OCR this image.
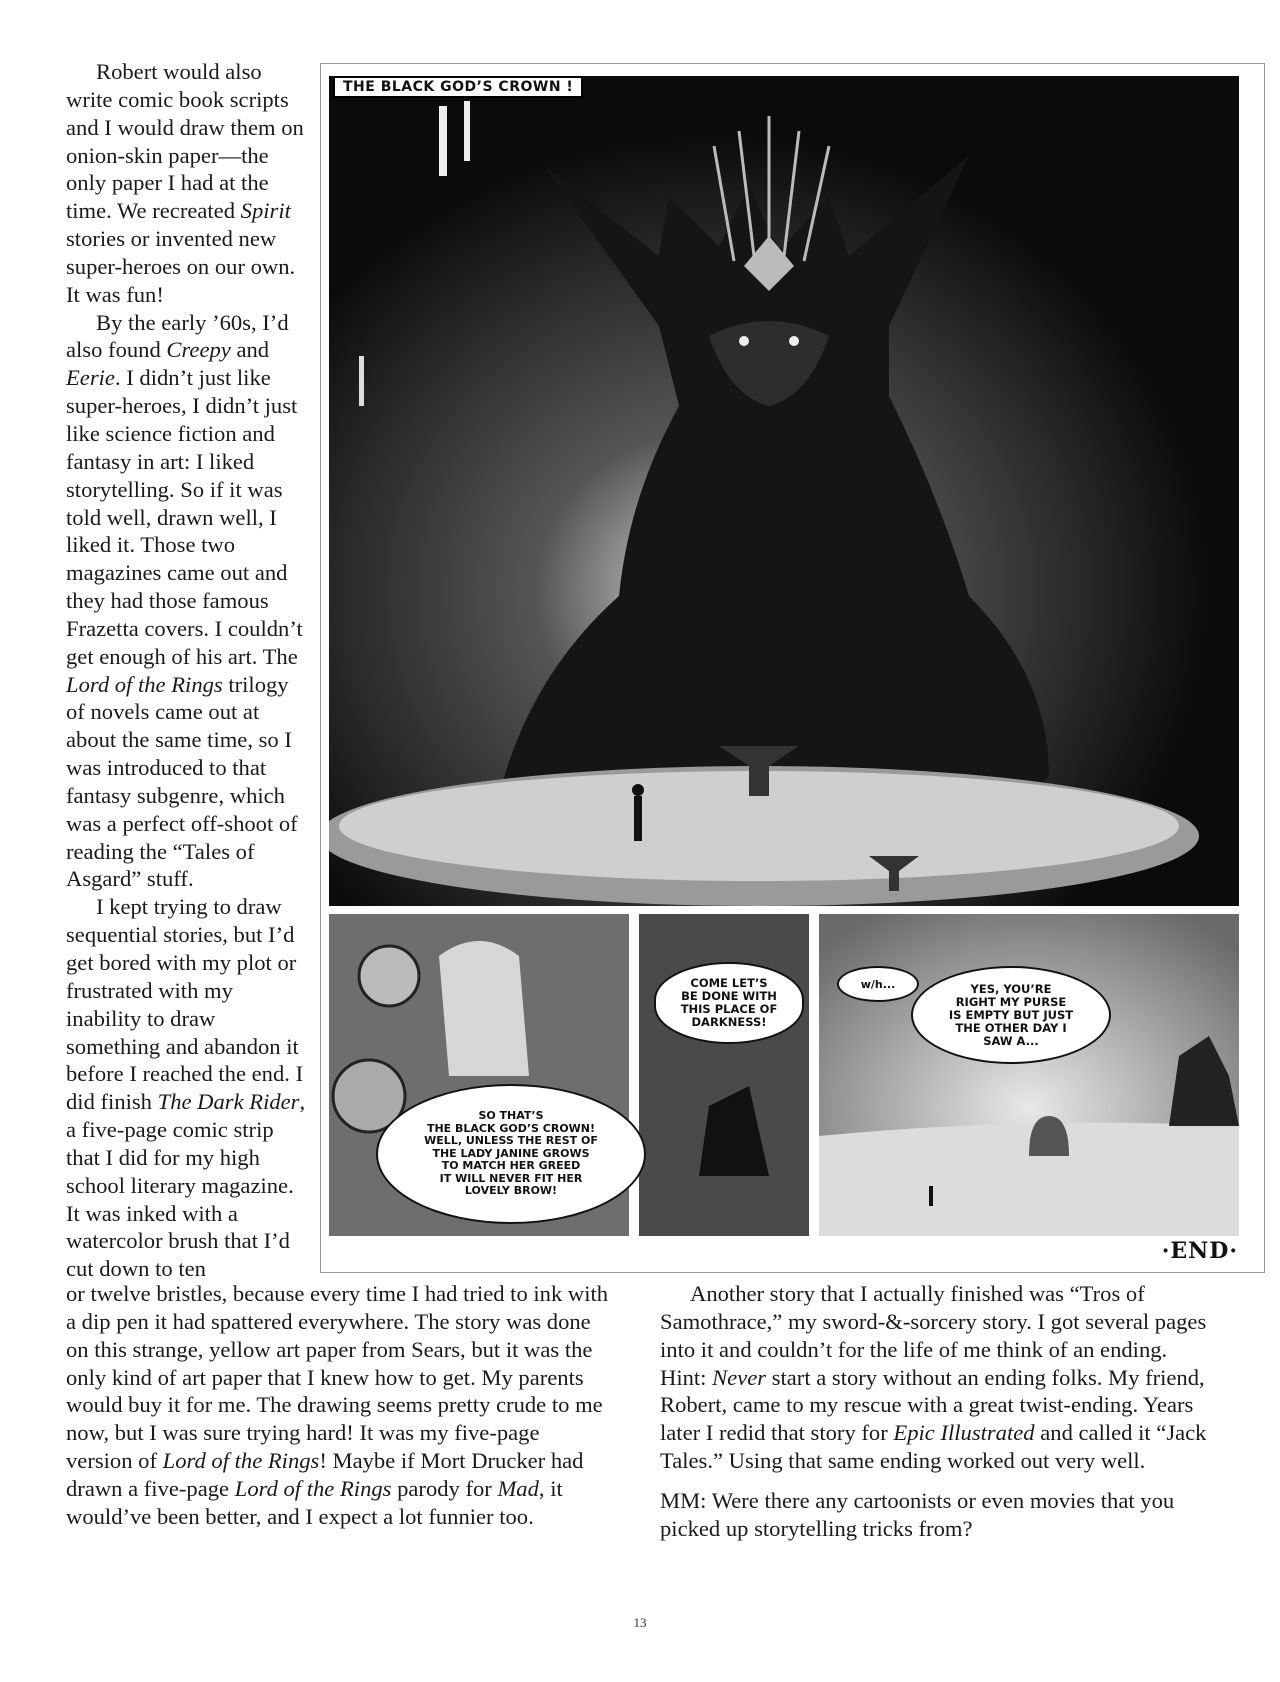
Robert would also write comic book scripts and I would draw them on onion-skin paper—the only paper I had at the time. We recreated Spirit stories or invented new super-heroes on our own. It was fun!

By the early ’60s, I’d also found Creepy and Eerie. I didn’t just like super-heroes, I didn’t just like science fiction and fantasy in art: I liked storytelling. So if it was told well, drawn well, I liked it. Those two magazines came out and they had those famous Frazetta covers. I couldn’t get enough of his art. The Lord of the Rings trilogy of novels came out at about the same time, so I was introduced to that fantasy subgenre, which was a perfect off-shoot of reading the “Tales of Asgard” stuff.

I kept trying to draw sequential stories, but I’d get bored with my plot or frustrated with my inability to draw something and abandon it before I reached the end. I did finish The Dark Rider, a five-page comic strip that I did for my high school literary magazine. It was inked with a watercolor brush that I’d cut down to ten

THE BLACK GOD’S CROWN !
SO THAT’S
THE BLACK GOD’S CROWN!
WELL, UNLESS THE REST OF
THE LADY JANINE GROWS
TO MATCH HER GREED
IT WILL NEVER FIT HER
LOVELY BROW!
COME LET’S
BE DONE WITH
THIS PLACE OF
DARKNESS!
w/h...	YES, YOU’RE
RIGHT MY PURSE
IS EMPTY BUT JUST
THE OTHER DAY I
SAW A...
·END·

or twelve bristles, because every time I had tried to ink with a dip pen it had spattered everywhere. The story was done on this strange, yellow art paper from Sears, but it was the only kind of art paper that I knew how to get. My parents would buy it for me. The drawing seems pretty crude to me now, but I was sure trying hard! It was my five-page version of Lord of the Rings! Maybe if Mort Drucker had drawn a five-page Lord of the Rings parody for Mad, it would’ve been better, and I expect a lot funnier too.

Another story that I actually finished was “Tros of Samothrace,” my sword-&-sorcery story. I got several pages into it and couldn’t for the life of me think of an ending. Hint: Never start a story without an ending folks. My friend, Robert, came to my rescue with a great twist-ending. Years later I redid that story for Epic Illustrated and called it “Jack Tales.” Using that same ending worked out very well.

MM: Were there any cartoonists or even movies that you picked up storytelling tricks from?

13
